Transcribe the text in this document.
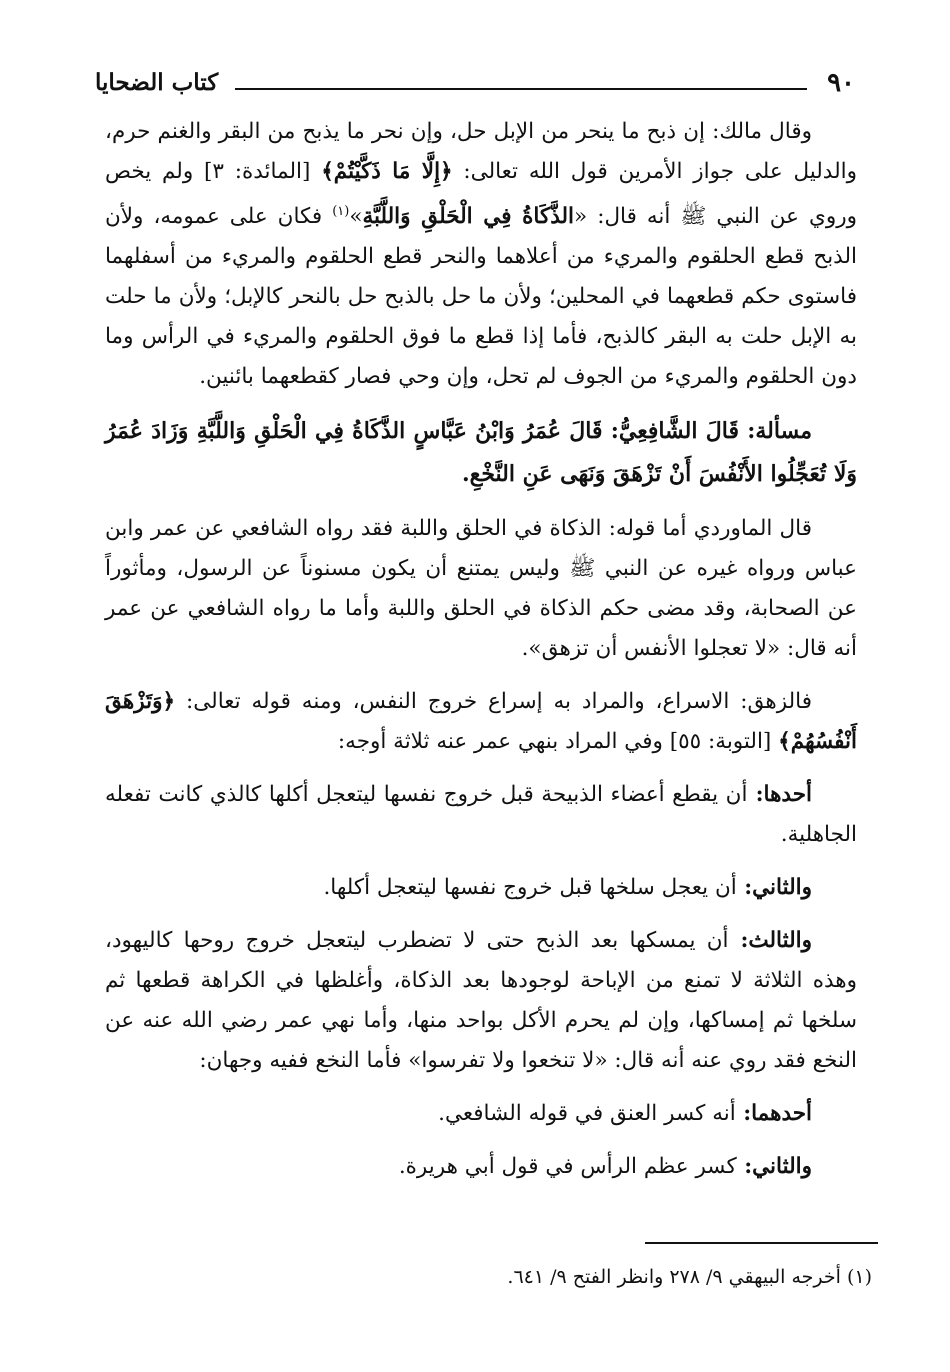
كتاب الضحايا	٩٠

وقال مالك: إن ذبح ما ينحر من الإبل حل، وإن نحر ما يذبح من البقر والغنم حرم، والدليل على جواز الأمرين قول الله تعالى: ﴿إِلَّا مَا ذَكَّيْتُمْ﴾ [المائدة: ٣] ولم يخص وروي عن النبي ﷺ أنه قال: «الذَّكَاةُ فِي الْحَلْقِ وَاللَّبَّةِ»$^{(١)}$ فكان على عمومه، ولأن الذبح قطع الحلقوم والمريء من أعلاهما والنحر قطع الحلقوم والمريء من أسفلهما فاستوى حكم قطعهما في المحلين؛ ولأن ما حل بالذبح حل بالنحر كالإبل؛ ولأن ما حلت به الإبل حلت به البقر كالذبح، فأما إذا قطع ما فوق الحلقوم والمريء في الرأس وما دون الحلقوم والمريء من الجوف لم تحل، وإن وحي فصار كقطعهما بائنين.

مسألة: قَالَ الشَّافِعِيُّ: قَالَ عُمَرُ وَابْنُ عَبَّاسٍ الذَّكَاةُ فِي الْحَلْقِ وَاللَّبَّةِ وَزَادَ عُمَرُ وَلَا تُعَجِّلُوا الأَنْفُسَ أَنْ تَزْهَقَ وَنَهَى عَنِ النَّخْعِ.

قال الماوردي أما قوله: الذكاة في الحلق واللبة فقد رواه الشافعي عن عمر وابن عباس ورواه غيره عن النبي ﷺ وليس يمتنع أن يكون مسنوناً عن الرسول، ومأثوراً عن الصحابة، وقد مضى حكم الذكاة في الحلق واللبة وأما ما رواه الشافعي عن عمر أنه قال: «لا تعجلوا الأنفس أن تزهق».

فالزهق: الاسراع، والمراد به إسراع خروج النفس، ومنه قوله تعالى: ﴿وَتَزْهَقَ أَنْفُسُهُمْ﴾ [التوبة: ٥٥] وفي المراد بنهي عمر عنه ثلاثة أوجه:

أحدها: أن يقطع أعضاء الذبيحة قبل خروج نفسها ليتعجل أكلها كالذي كانت تفعله الجاهلية.

والثاني: أن يعجل سلخها قبل خروج نفسها ليتعجل أكلها.

والثالث: أن يمسكها بعد الذبح حتى لا تضطرب ليتعجل خروج روحها كاليهود، وهذه الثلاثة لا تمنع من الإباحة لوجودها بعد الذكاة، وأغلظها في الكراهة قطعها ثم سلخها ثم إمساكها، وإن لم يحرم الأكل بواحد منها، وأما نهي عمر رضي الله عنه عن النخع فقد روي عنه أنه قال: «لا تنخعوا ولا تفرسوا» فأما النخع ففيه وجهان:

أحدهما: أنه كسر العنق في قوله الشافعي.

والثاني: كسر عظم الرأس في قول أبي هريرة.

(١) أخرجه البيهقي ٩/ ٢٧٨ وانظر الفتح ٩/ ٦٤١.
